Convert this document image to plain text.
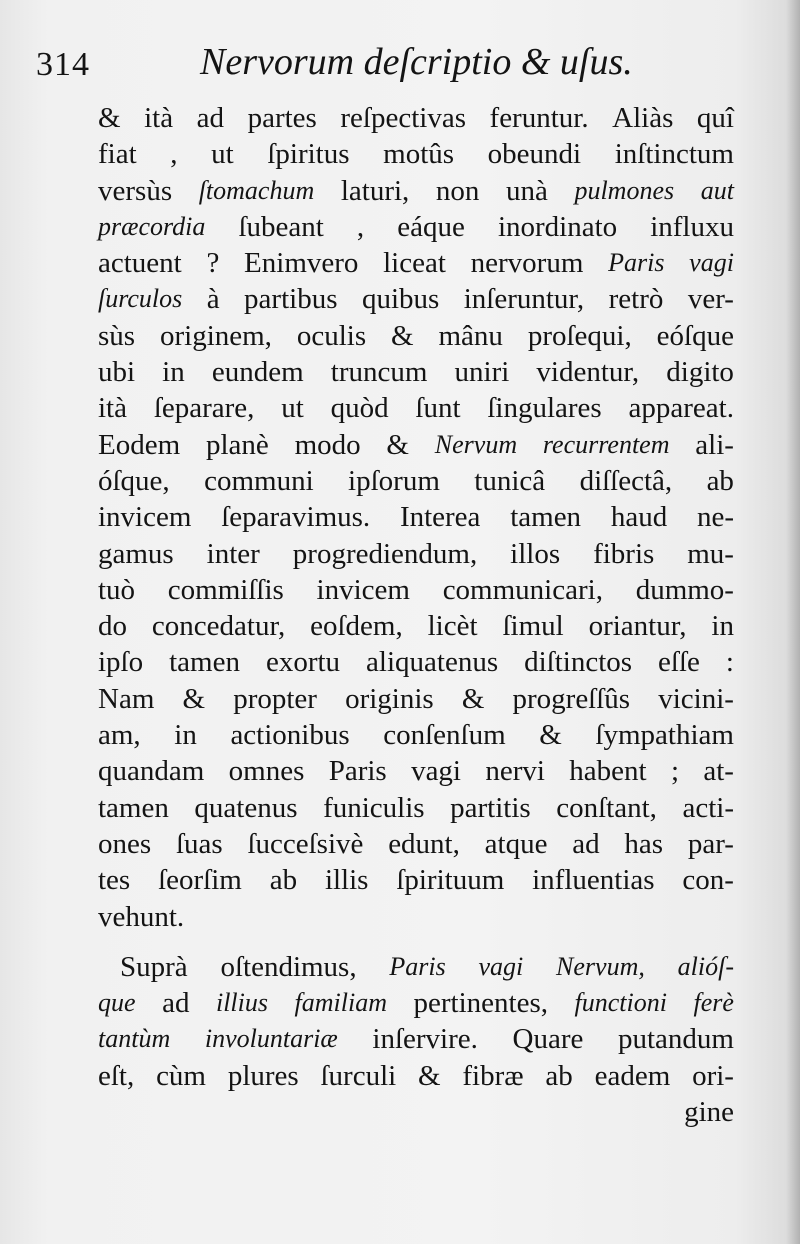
314	Nervorum deſcriptio & uſus.
& ità ad partes reſpectivas feruntur. Aliàs quî
fiat , ut ſpiritus motûs obeundi inſtinctum
versùs ſtomachum laturi, non unà pulmones aut
præcordia ſubeant , eáque inordinato influxu
actuent ? Enimvero liceat nervorum Paris vagi
ſurculos à partibus quibus inſeruntur, retrò ver-
sùs originem, oculis & mânu proſequi, eóſque
ubi in eundem truncum uniri videntur, digito
ità ſeparare, ut quòd ſunt ſingulares appareat.
Eodem planè modo & Nervum recurrentem ali-
óſque, communi ipſorum tunicâ diſſectâ, ab
invicem ſeparavimus. Interea tamen haud ne-
gamus inter progrediendum, illos fibris mu-
tuò commiſſis invicem communicari, dummo-
do concedatur, eoſdem, licèt ſimul oriantur, in
ipſo tamen exortu aliquatenus diſtinctos eſſe :
Nam & propter originis & progreſſûs vicini-
am, in actionibus conſenſum & ſympathiam
quandam omnes Paris vagi nervi habent ; at-
tamen quatenus funiculis partitis conſtant, acti-
ones ſuas ſucceſsivè edunt, atque ad has par-
tes ſeorſim ab illis ſpirituum influentias con-
vehunt.
Suprà oſtendimus, Paris vagi Nervum, alióſ-
que ad illius familiam pertinentes, functioni ferè
tantùm involuntariæ inſervire. Quare putandum
eſt, cùm plures ſurculi & fibræ ab eadem ori-
gine
